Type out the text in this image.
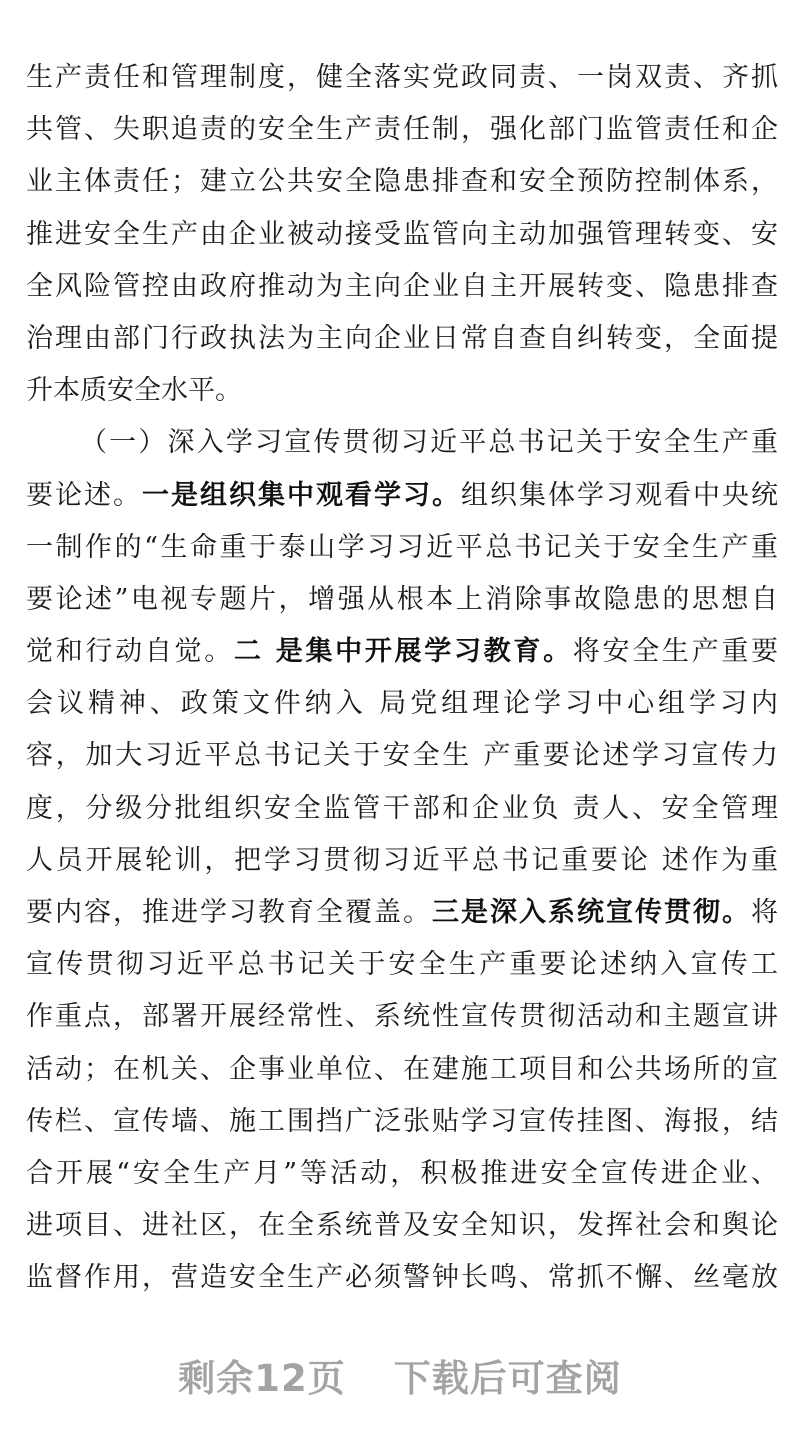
生产责任和管理制度，健全落实党政同责、一岗双责、齐抓
共管、失职追责的安全生产责任制，强化部门监管责任和企
业主体责任；建立公共安全隐患排查和安全预防控制体系，
推进安全生产由企业被动接受监管向主动加强管理转变、安
全风险管控由政府推动为主向企业自主开展转变、隐患排查
治理由部门行政执法为主向企业日常自查自纠转变，全面提
升本质安全水平。
（一）深入学习宣传贯彻习近平总书记关于安全生产重
要论述。一是组织集中观看学习。组织集体学习观看中央统
一制作的“生命重于泰山学习习近平总书记关于安全生产重
要论述”电视专题片，增强从根本上消除事故隐患的思想自
觉和行动自觉。二 是集中开展学习教育。将安全生产重要
会议精神、政策文件纳入 局党组理论学习中心组学习内
容，加大习近平总书记关于安全生 产重要论述学习宣传力
度，分级分批组织安全监管干部和企业负 责人、安全管理
人员开展轮训，把学习贯彻习近平总书记重要论 述作为重
要内容，推进学习教育全覆盖。三是深入系统宣传贯彻。将
宣传贯彻习近平总书记关于安全生产重要论述纳入宣传工
作重点，部署开展经常性、系统性宣传贯彻活动和主题宣讲
活动；在机关、企事业单位、在建施工项目和公共场所的宣
传栏、宣传墙、施工围挡广泛张贴学习宣传挂图、海报，结
合开展“安全生产月”等活动，积极推进安全宣传进企业、
进项目、进社区，在全系统普及安全知识，发挥社会和舆论
监督作用，营造安全生产必须警钟长鸣、常抓不懈、丝毫放
剩余12页 下载后可查阅
